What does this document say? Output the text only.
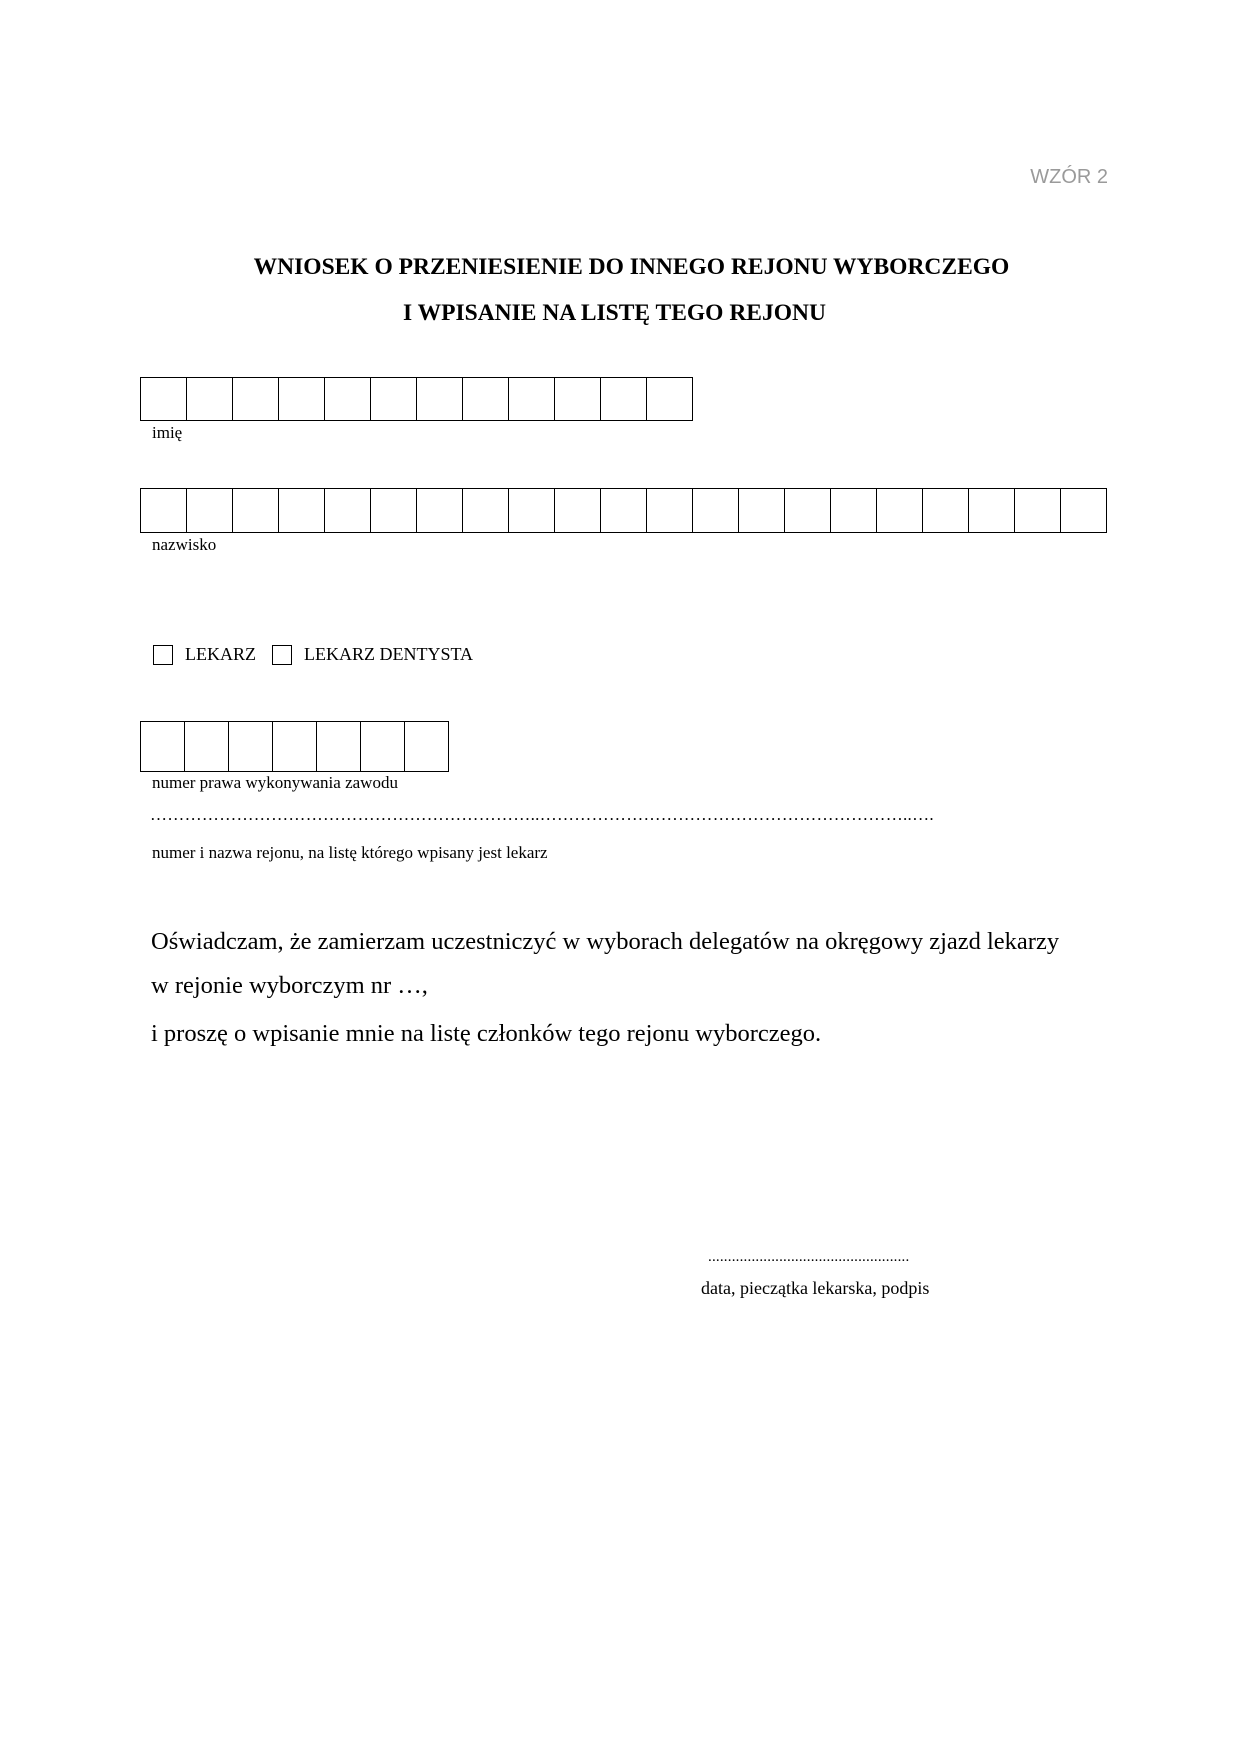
WZÓR 2
WNIOSEK O PRZENIESIENIE DO INNEGO REJONU WYBORCZEGO
I WPISANIE NA LISTĘ TEGO REJONU
imię
nazwisko
LEKARZ	LEKARZ DENTYSTA
numer prawa wykonywania zawodu
…………………………………………………………..………………………………………………………..….
numer i nazwa rejonu, na listę którego wpisany jest lekarz
Oświadczam, że zamierzam uczestniczyć w wyborach delegatów na okręgowy zjazd lekarzy
w rejonie wyborczym nr …,
i proszę o wpisanie mnie na listę członków tego rejonu wyborczego.
...................................................
data, pieczątka lekarska, podpis
